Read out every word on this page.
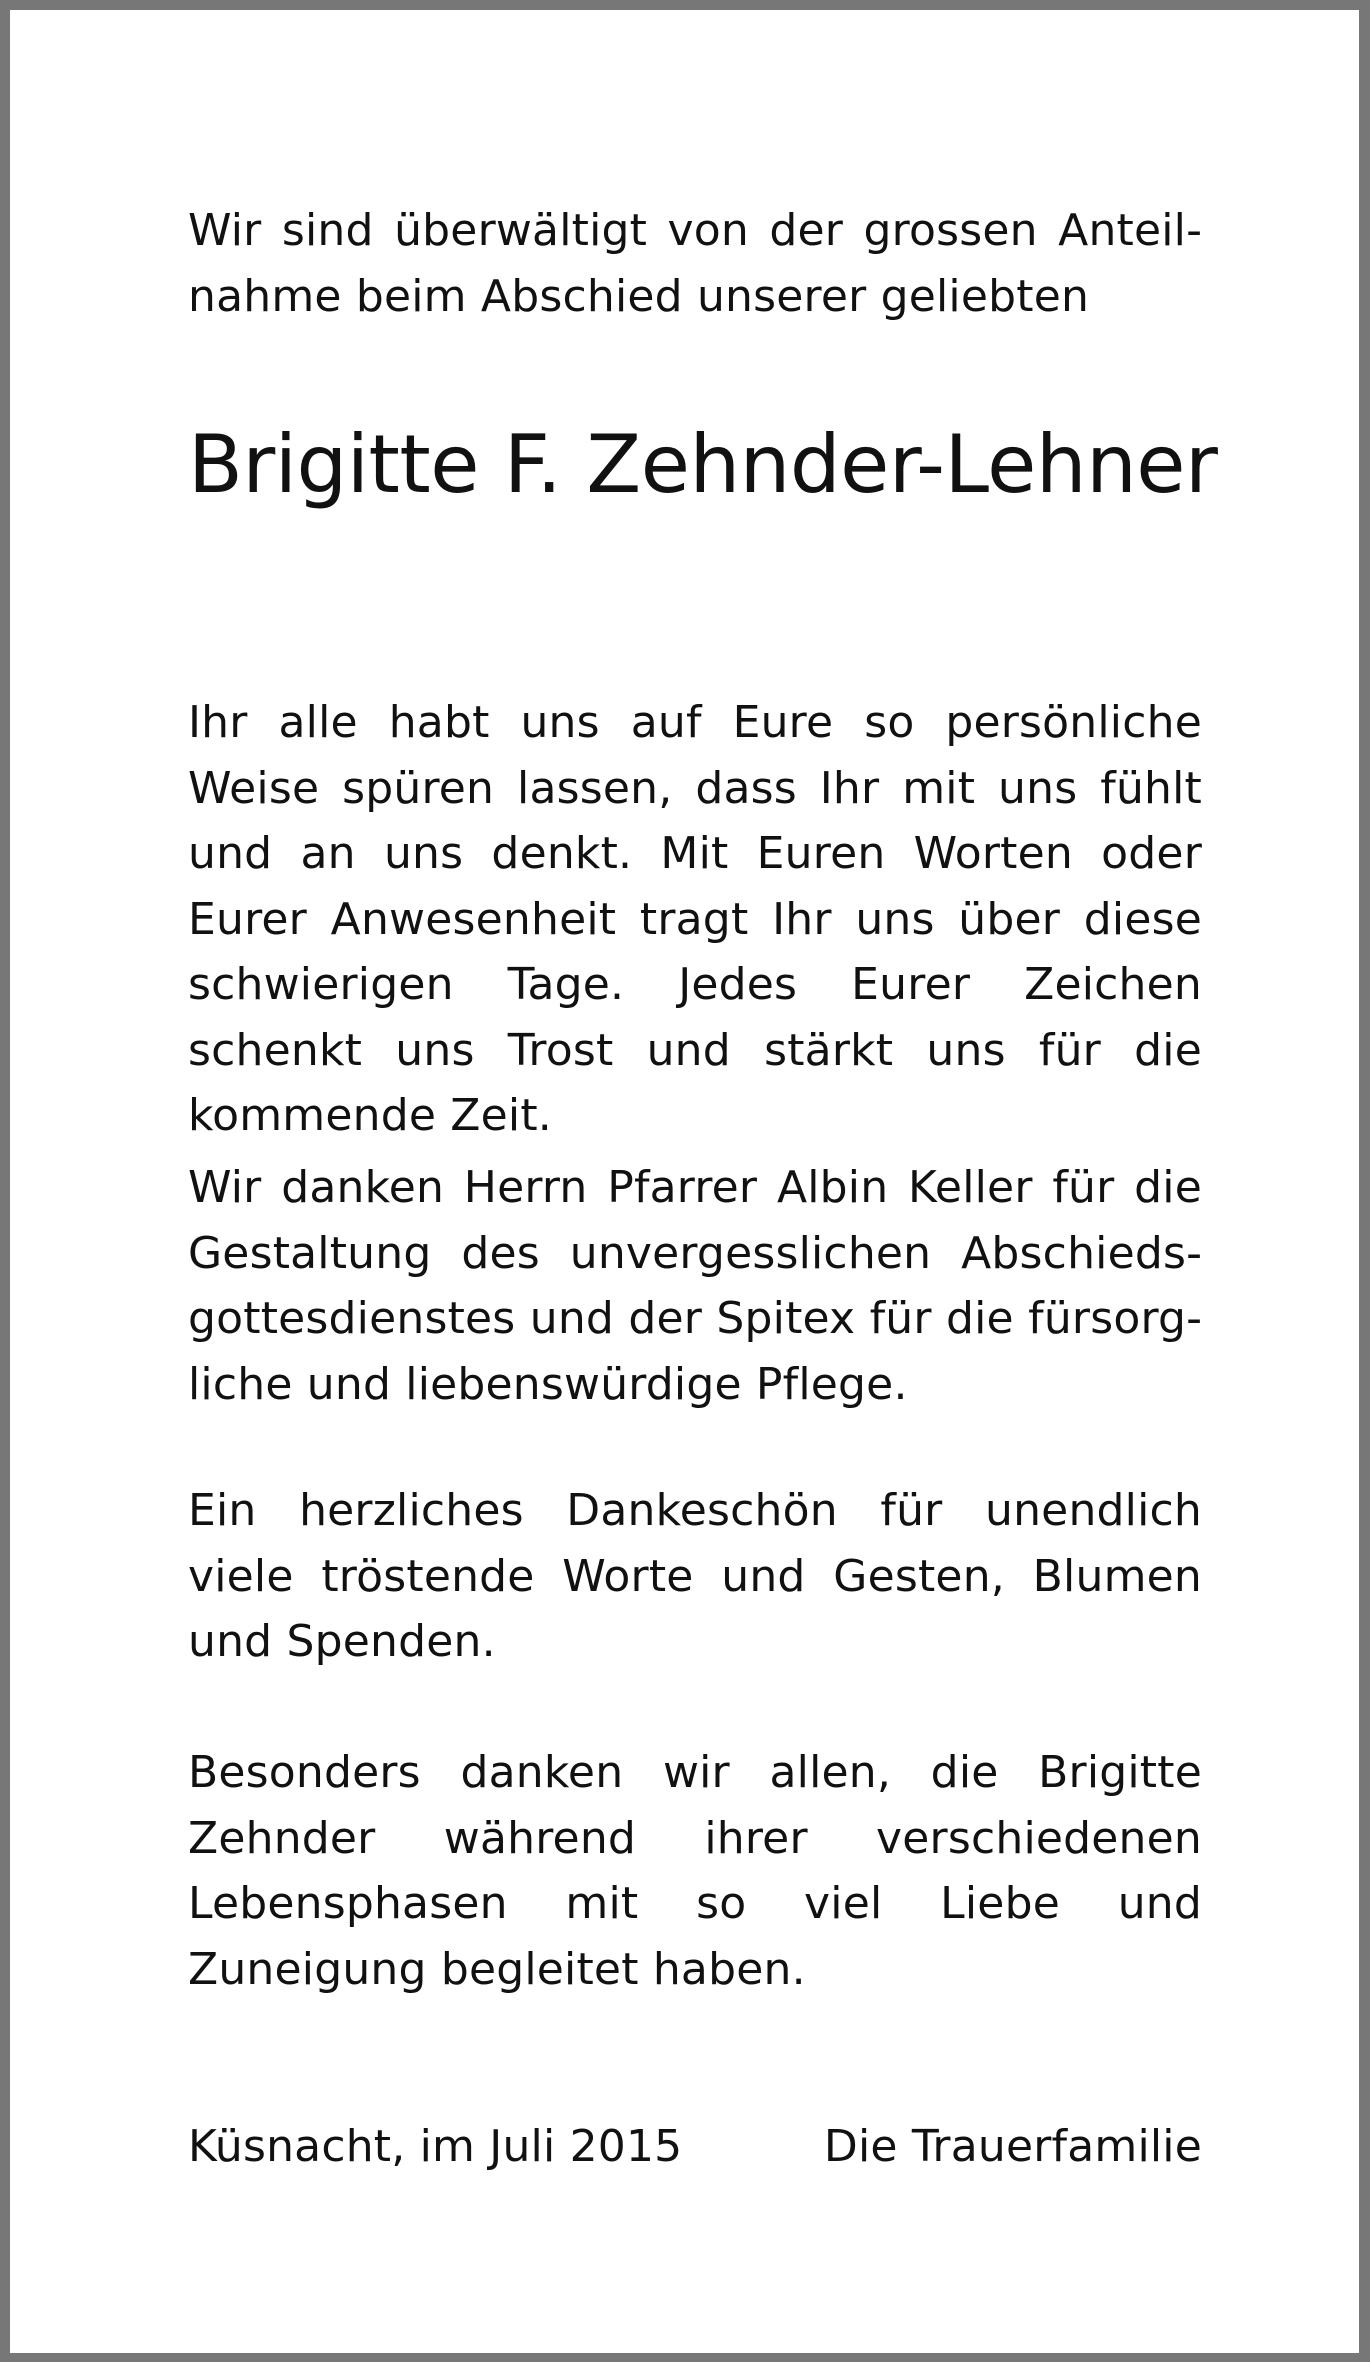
Wir sind überwältigt von der grossen Anteilnahme beim Abschied unserer geliebten

Brigitte F. Zehnder-Lehner

Ihr alle habt uns auf Eure so persönliche Weise spüren lassen, dass Ihr mit uns fühlt und an uns denkt. Mit Euren Worten oder Eurer Anwesenheit tragt Ihr uns über diese schwierigen Tage. Jedes Eurer Zeichen schenkt uns Trost und stärkt uns für die kommende Zeit.

Wir danken Herrn Pfarrer Albin Keller für die Gestaltung des unvergesslichen Abschiedsgottesdienstes und der Spitex für die fürsorgliche und liebenswürdige Pflege.

Ein herzliches Dankeschön für unendlich viele tröstende Worte und Gesten, Blumen und Spenden.

Besonders danken wir allen, die Brigitte Zehnder während ihrer verschiedenen Lebensphasen mit so viel Liebe und Zuneigung begleitet haben.

Küsnacht, im Juli 2015	Die Trauerfamilie
